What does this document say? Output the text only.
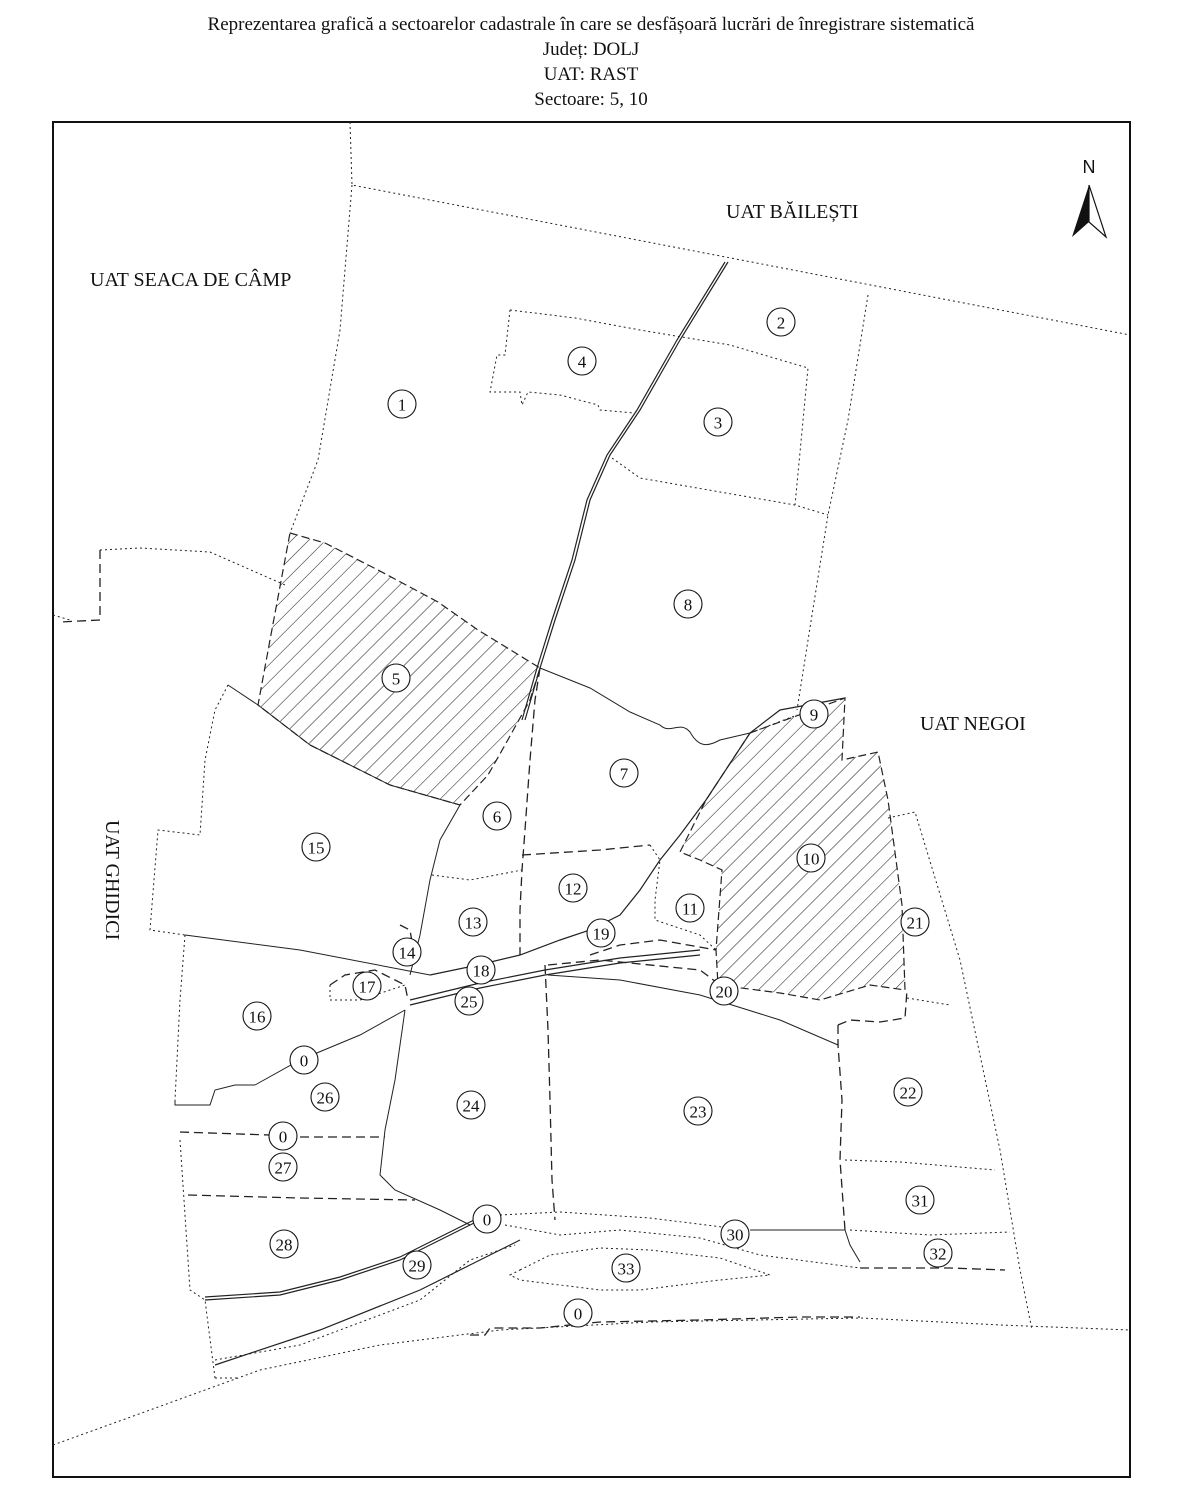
Reprezentarea grafică a sectoarelor cadastrale în care se desfășoară lucrări de înregistrare sistematică
Județ: DOLJ
UAT: RAST
Sectoare: 5, 10
1
2
3
4
5
6
7
8
9
10
11
12
13
14
15
16
17
18
19
20
21
22
23
24
25
26
27
28
29
30
31
32
33
0
0
0
0
UAT BĂILEȘTI
UAT SEACA DE CÂMP
UAT NEGOI
UAT GHIDICI
N
